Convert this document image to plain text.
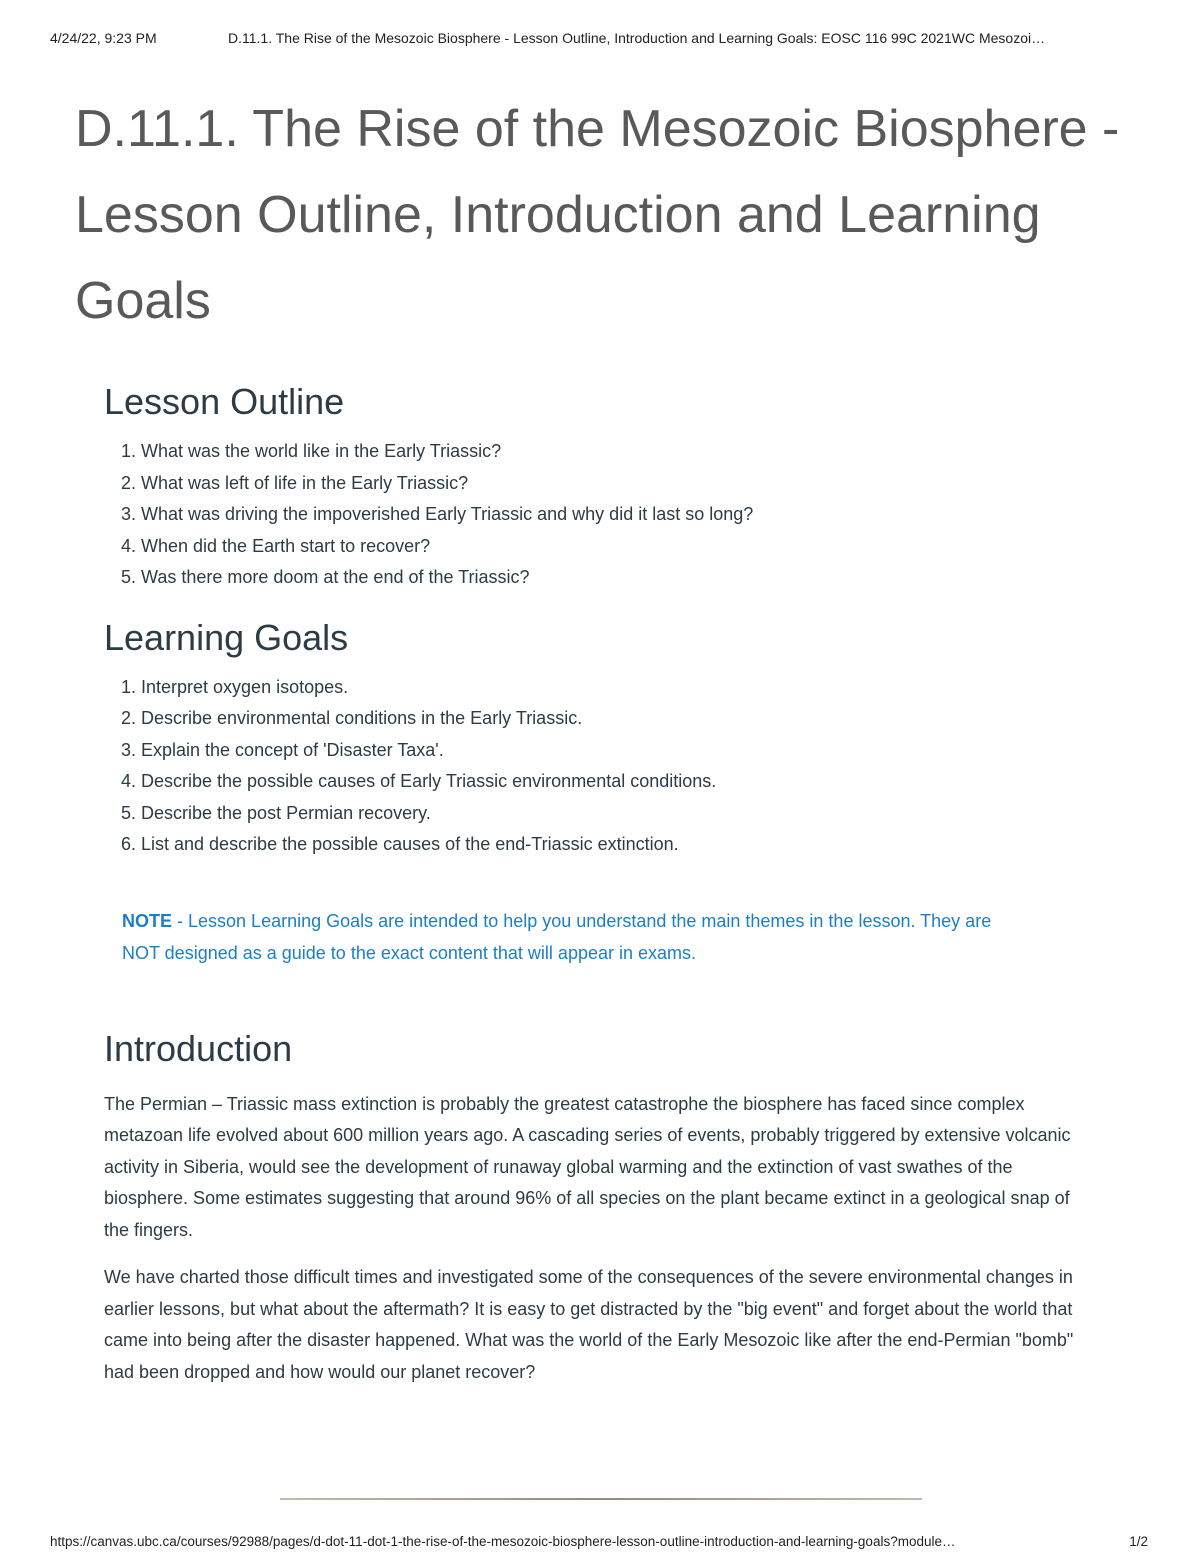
4/24/22, 9:23 PM	D.11.1. The Rise of the Mesozoic Biosphere - Lesson Outline, Introduction and Learning Goals: EOSC 116 99C 2021WC Mesozoi…
D.11.1. The Rise of the Mesozoic Biosphere - Lesson Outline, Introduction and Learning Goals
Lesson Outline
1. What was the world like in the Early Triassic?
2. What was left of life in the Early Triassic?
3. What was driving the impoverished Early Triassic and why did it last so long?
4. When did the Earth start to recover?
5. Was there more doom at the end of the Triassic?
Learning Goals
1. Interpret oxygen isotopes.
2. Describe environmental conditions in the Early Triassic.
3. Explain the concept of 'Disaster Taxa'.
4. Describe the possible causes of Early Triassic environmental conditions.
5. Describe the post Permian recovery.
6. List and describe the possible causes of the end-Triassic extinction.
NOTE - Lesson Learning Goals are intended to help you understand the main themes in the lesson. They are NOT designed as a guide to the exact content that will appear in exams.
Introduction

The Permian – Triassic mass extinction is probably the greatest catastrophe the biosphere has faced since complex metazoan life evolved about 600 million years ago. A cascading series of events, probably triggered by extensive volcanic activity in Siberia, would see the development of runaway global warming and the extinction of vast swathes of the biosphere. Some estimates suggesting that around 96% of all species on the plant became extinct in a geological snap of the fingers.

We have charted those difficult times and investigated some of the consequences of the severe environmental changes in earlier lessons, but what about the aftermath? It is easy to get distracted by the "big event" and forget about the world that came into being after the disaster happened. What was the world of the Early Mesozoic like after the end-Permian "bomb" had been dropped and how would our planet recover?

https://canvas.ubc.ca/courses/92988/pages/d-dot-11-dot-1-the-rise-of-the-mesozoic-biosphere-lesson-outline-introduction-and-learning-goals?module…	1/2
